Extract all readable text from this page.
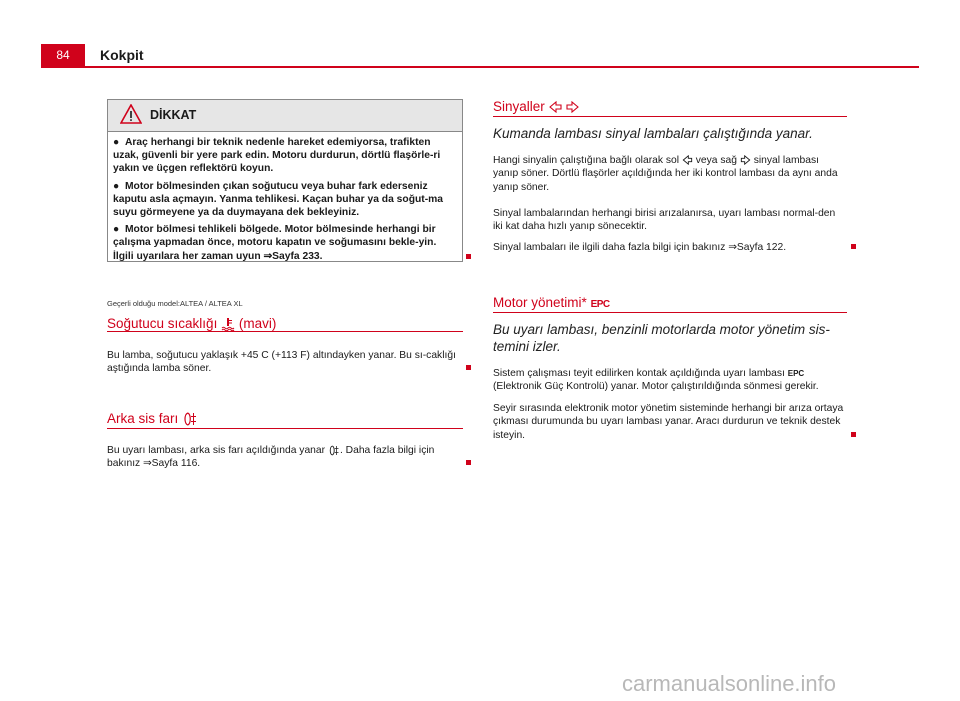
84	Kokpit
DİKKAT

●  Araç herhangi bir teknik nedenle hareket edemiyorsa, trafikten uzak, güvenli bir yere park edin. Motoru durdurun, dörtlü flaşörle-ri yakın ve üçgen reflektörü koyun.

●  Motor bölmesinden çıkan soğutucu veya buhar fark ederseniz kaputu asla açmayın. Yanma tehlikesi. Kaçan buhar ya da soğut-ma suyu görmeyene ya da duymayana dek bekleyiniz.

●  Motor bölmesi tehlikeli bölgede. Motor bölmesinde herhangi bir çalışma yapmadan önce, motoru kapatın ve soğumasını bekle-yin. İlgili uyarılara her zaman uyun ⇒Sayfa 233.

Geçerli olduğu model:ALTEA / ALTEA XL
Soğutucu sıcaklığı (mavi)
Bu lamba, soğutucu yaklaşık +45 C (+113 F) altındayken yanar. Bu sı-caklığı aştığında lamba söner.
Arka sis farı
Bu uyarı lambası, arka sis farı açıldığında yanar . Daha fazla bilgi için bakınız ⇒Sayfa 116.
Sinyaller
Kumanda lambası sinyal lambaları çalıştığında yanar.
Hangi sinyalin çalıştığına bağlı olarak sol veya sağ sinyal lambası yanıp söner. Dörtlü flaşörler açıldığında her iki kontrol lambası da aynı anda yanıp söner.
Sinyal lambalarından herhangi birisi arızalanırsa, uyarı lambası normal-den iki kat daha hızlı yanıp sönecektir.
Sinyal lambaları ile ilgili daha fazla bilgi için bakınız ⇒Sayfa 122.
Motor yönetimi* EPC
Bu uyarı lambası, benzinli motorlarda motor yönetim sis-temini izler.
Sistem çalışması teyit edilirken kontak açıldığında uyarı lambası EPC (Elektronik Güç Kontrolü) yanar. Motor çalıştırıldığında sönmesi gerekir.
Seyir sırasında elektronik motor yönetim sisteminde herhangi bir arıza ortaya çıkması durumunda bu uyarı lambası yanar. Aracı durdurun ve teknik destek isteyin.
carmanualsonline.info
